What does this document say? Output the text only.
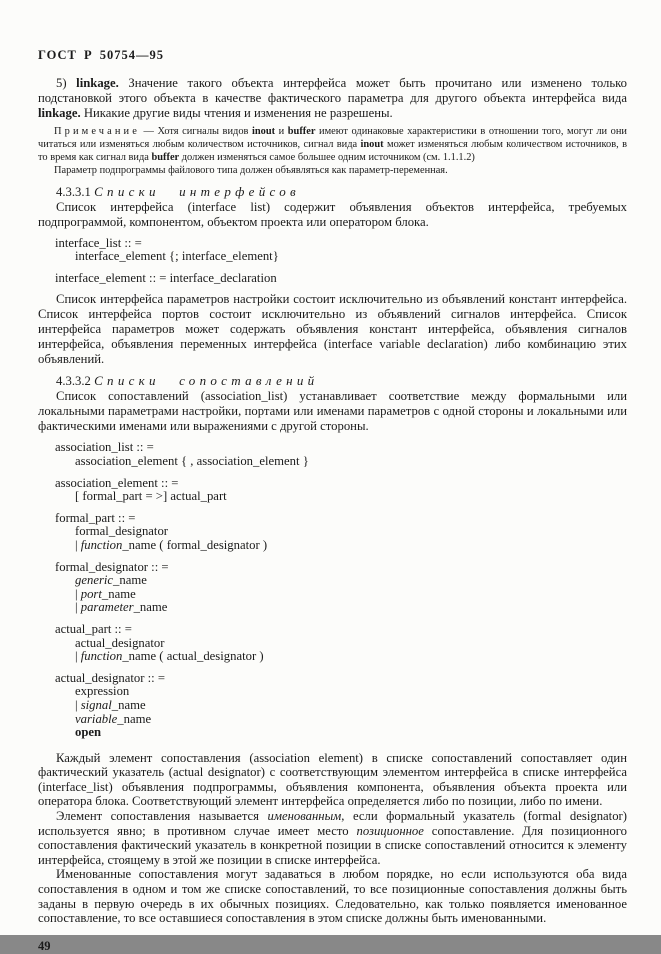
ГОСТ Р 50754—95

5) linkage. Значение такого объекта интерфейса может быть прочитано или изменено только подстановкой этого объекта в качестве фактического параметра для другого объекта интерфейса вида linkage. Никакие другие виды чтения и изменения не разрешены.

Примечание — Хотя сигналы видов inout и buffer имеют одинаковые характеристики в отношении того, могут ли они читаться или изменяться любым количеством источников, сигнал вида inout может изменяться любым количеством источников, в то время как сигнал вида buffer должен изменяться самое большее одним источником (см. 1.1.1.2)

Параметр подпрограммы файлового типа должен объявляться как параметр-переменная.

4.3.3.1 Списки интерфейсов

Список интерфейса (interface list) содержит объявления объектов интерфейса, требуемых подпрограммой, компонентом, объектом проекта или оператором блока.

interface_list :: =
interface_element {; interface_element}
interface_element :: = interface_declaration

Список интерфейса параметров настройки состоит исключительно из объявлений констант интерфейса. Список интерфейса портов состоит исключительно из объявлений сигналов интерфейса. Список интерфейса параметров может содержать объявления констант интерфейса, объявления сигналов интерфейса, объявления переменных интерфейса (interface variable declaration) либо комбинацию этих объявлений.

4.3.3.2 Списки сопоставлений

Список сопоставлений (association_list) устанавливает соответствие между формальными или локальными параметрами настройки, портами или именами параметров с одной стороны и локальными или фактическими именами или выражениями с другой стороны.

association_list :: =
association_element { , association_element }
association_element :: =
[ formal_part = >] actual_part
formal_part :: =
formal_designator
| function_name ( formal_designator )
formal_designator :: =
generic_name
| port_name
| parameter_name
actual_part :: =
actual_designator
| function_name ( actual_designator )
actual_designator :: =
expression
| signal_name
variable_name
open

Каждый элемент сопоставления (association element) в списке сопоставлений сопоставляет один фактический указатель (actual designator) с соответствующим элементом интерфейса в списке интерфейса (interface_list) объявления подпрограммы, объявления компонента, объявления объекта проекта или оператора блока. Соответствующий элемент интерфейса определяется либо по позиции, либо по имени.

Элемент сопоставления называется именованным, если формальный указатель (formal designator) используется явно; в противном случае имеет место позиционное сопоставление. Для позиционного сопоставления фактический указатель в конкретной позиции в списке сопоставлений относится к элементу интерфейса, стоящему в этой же позиции в списке интерфейса.

Именованные сопоставления могут задаваться в любом порядке, но если используются оба вида сопоставления в одном и том же списке сопоставлений, то все позиционные сопоставления должны быть заданы в первую очередь в их обычных позициях. Следовательно, как только появляется именованное сопоставление, то все оставшиеся сопоставления в этом списке должны быть именованными.

49
